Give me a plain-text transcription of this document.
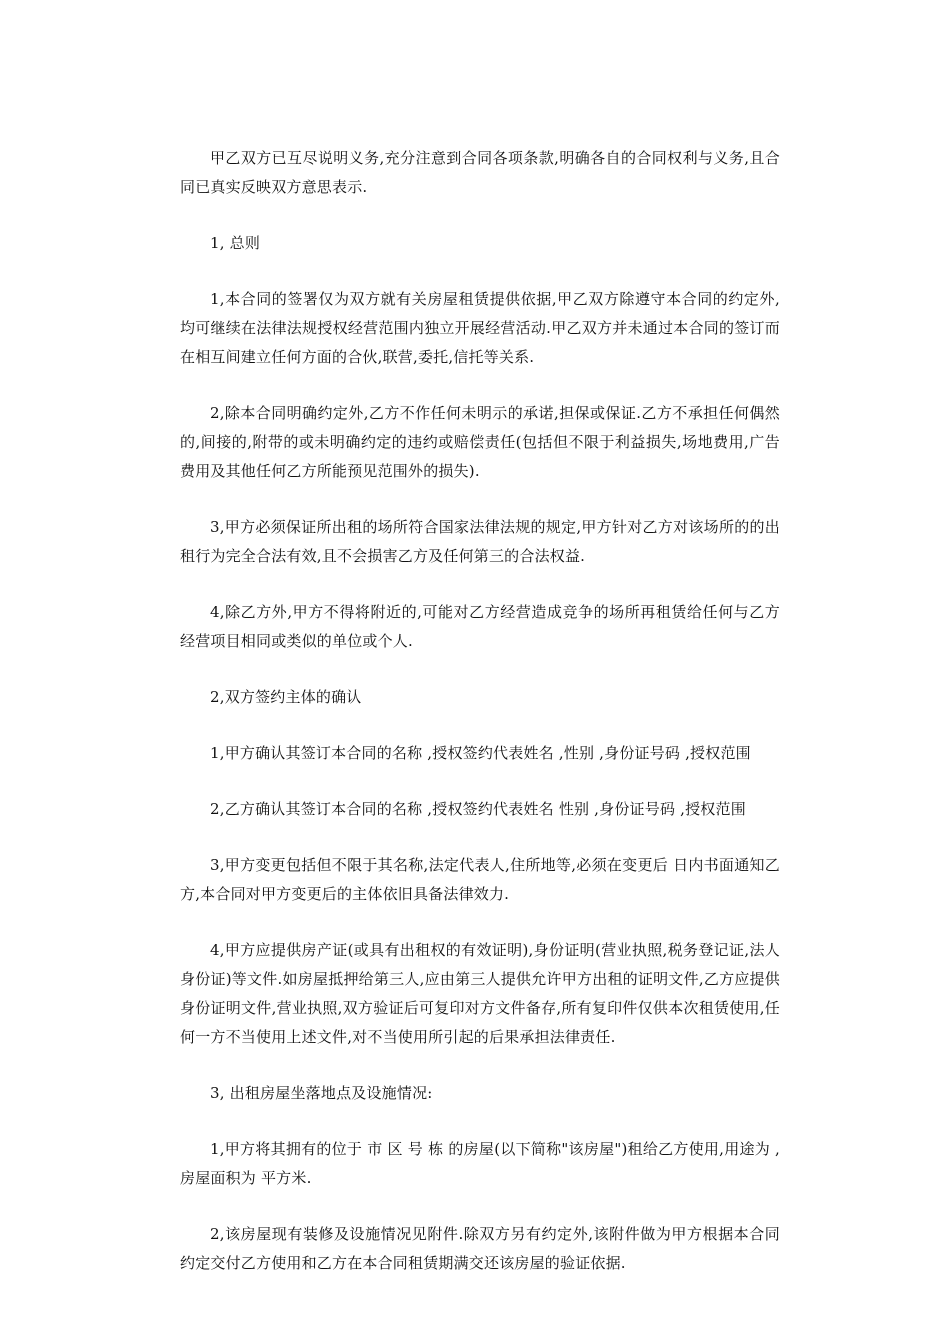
甲乙双方已互尽说明义务,充分注意到合同各项条款,明确各自的合同权利与义务,且合同已真实反映双方意思表示.

1, 总则

1,本合同的签署仅为双方就有关房屋租赁提供依据,甲乙双方除遵守本合同的约定外,均可继续在法律法规授权经营范围内独立开展经营活动.甲乙双方并未通过本合同的签订而在相互间建立任何方面的合伙,联营,委托,信托等关系.

2,除本合同明确约定外,乙方不作任何未明示的承诺,担保或保证.乙方不承担任何偶然的,间接的,附带的或未明确约定的违约或赔偿责任(包括但不限于利益损失,场地费用,广告费用及其他任何乙方所能预见范围外的损失).

3,甲方必须保证所出租的场所符合国家法律法规的规定,甲方针对乙方对该场所的的出租行为完全合法有效,且不会损害乙方及任何第三的合法权益.

4,除乙方外,甲方不得将附近的,可能对乙方经营造成竞争的场所再租赁给任何与乙方经营项目相同或类似的单位或个人.

2,双方签约主体的确认

1,甲方确认其签订本合同的名称 ,授权签约代表姓名 ,性别 ,身份证号码 ,授权范围

2,乙方确认其签订本合同的名称 ,授权签约代表姓名 性别 ,身份证号码 ,授权范围

3,甲方变更包括但不限于其名称,法定代表人,住所地等,必须在变更后 日内书面通知乙方,本合同对甲方变更后的主体依旧具备法律效力.

4,甲方应提供房产证(或具有出租权的有效证明),身份证明(营业执照,税务登记证,法人身份证)等文件.如房屋抵押给第三人,应由第三人提供允许甲方出租的证明文件,乙方应提供身份证明文件,营业执照,双方验证后可复印对方文件备存,所有复印件仅供本次租赁使用,任何一方不当使用上述文件,对不当使用所引起的后果承担法律责任.

3, 出租房屋坐落地点及设施情况:

1,甲方将其拥有的位于 市 区 号 栋 的房屋(以下简称"该房屋")租给乙方使用,用途为 ,房屋面积为 平方米.

2,该房屋现有装修及设施情况见附件.除双方另有约定外,该附件做为甲方根据本合同约定交付乙方使用和乙方在本合同租赁期满交还该房屋的验证依据.
